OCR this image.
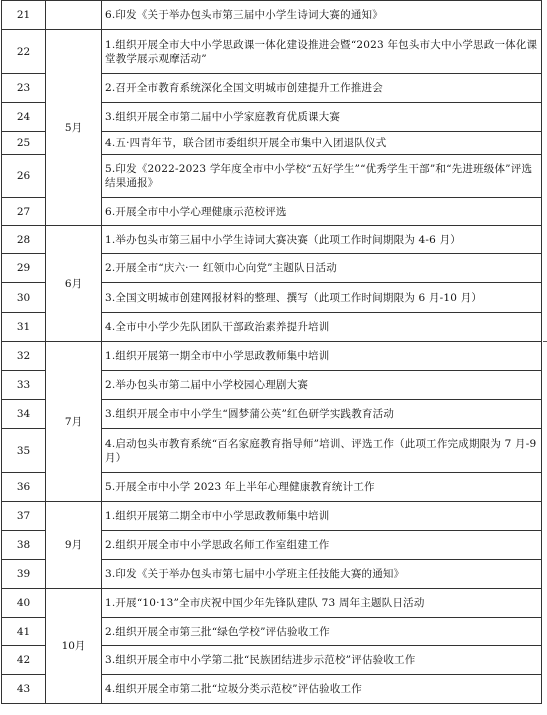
21		6.印发《关于举办包头市第三届中小学生诗词大赛的通知》
22	5月	1.组织开展全市大中小学思政课一体化建设推进会暨“2023 年包头市大中小学思政一体化课堂教学展示观摩活动”
23		2.召开全市教育系统深化全国文明城市创建提升工作推进会
24		3.组织开展全市第二届中小学家庭教育优质课大赛
25		4.五·四青年节，联合团市委组织开展全市集中入团退队仪式
26		5.印发《2022-2023 学年度全市中小学校“五好学生”“优秀学生干部”和“先进班级体”评选结果通报》
27		6.开展全市中小学心理健康示范校评选
28	6月	1.举办包头市第三届中小学生诗词大赛决赛（此项工作时间期限为 4-6 月）
29		2.开展全市“庆六·一 红领巾心向党”主题队日活动
30		3.全国文明城市创建网报材料的整理、撰写（此项工作时间期限为 6 月-10 月）
31		4.全市中小学少先队团队干部政治素养提升培训
32	7月	1.组织开展第一期全市中小学思政教师集中培训
33		2.举办包头市第二届中小学校园心理剧大赛
34		3.组织开展全市中小学生“圆梦蒲公英”红色研学实践教育活动
35		4.启动包头市教育系统“百名家庭教育指导师”培训、评选工作（此项工作完成期限为 7 月-9 月）
36		5.开展全市中小学 2023 年上半年心理健康教育统计工作
37	9月	1.组织开展第二期全市中小学思政教师集中培训
38		2.组织开展全市中小学思政名师工作室组建工作
39		3.印发《关于举办包头市第七届中小学班主任技能大赛的通知》
40	10月	1.开展“10·13”全市庆祝中国少年先锋队建队 73 周年主题队日活动
41		2.组织开展全市第三批“绿色学校”评估验收工作
42		3.组织开展全市中小学第二批“民族团结进步示范校”评估验收工作
43		4.组织开展全市第二批“垃圾分类示范校”评估验收工作
